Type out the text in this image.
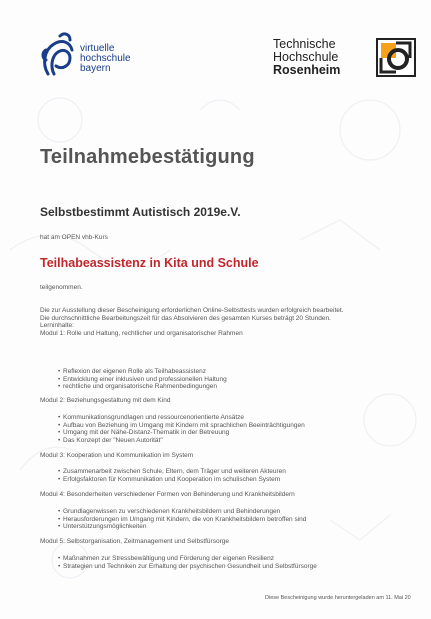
virtuelle
hochschule
bayern
Technische
Hochschule
Rosenheim
Teilnahmebestätigung
Selbstbestimmt Autistisch 2019e.V.
hat am OPEN vhb-Kurs
Teilhabeassistenz in Kita und Schule
teilgenommen.
Die zur Ausstellung dieser Bescheinigung erforderlichen Online-Selbsttests wurden erfolgreich bearbeitet.
Die durchschnittliche Bearbeitungszeit für das Absolvieren des gesamten Kurses beträgt 20 Stunden.
Lerninhalte:
Modul 1: Rolle und Haltung, rechtlicher und organisatorischer Rahmen
• Reflexion der eigenen Rolle als Teilhabeassistenz
• Entwicklung einer inklusiven und professionellen Haltung
• rechtliche und organisatorische Rahmenbedingungen
Modul 2: Beziehungsgestaltung mit dem Kind
• Kommunikationsgrundlagen und ressourcenorientierte Ansätze
• Aufbau von Beziehung im Umgang mit Kindern mit sprachlichen Beeinträchtigungen
• Umgang mit der Nähe-Distanz-Thematik in der Betreuung
• Das Konzept der "Neuen Autorität"
Modul 3: Kooperation und Kommunikation im System
• Zusammenarbeit zwischen Schule, Eltern, dem Träger und weiteren Akteuren
• Erfolgsfaktoren für Kommunikation und Kooperation im schulischen System
Modul 4: Besonderheiten verschiedener Formen von Behinderung und Krankheitsbildern
• Grundlagenwissen zu verschiedenen Krankheitsbildern und Behinderungen
• Herausforderungen im Umgang mit Kindern, die von Krankheitsbildern betroffen sind
• Unterstützungsmöglichkeiten
Modul 5: Selbstorganisation, Zeitmanagement und Selbstfürsorge
• Maßnahmen zur Stressbewältigung und Förderung der eigenen Resilienz
• Strategien und Techniken zur Erhaltung der psychischen Gesundheit und Selbstfürsorge
Diese Bescheinigung wurde heruntergeladen am 11. Mai 20
